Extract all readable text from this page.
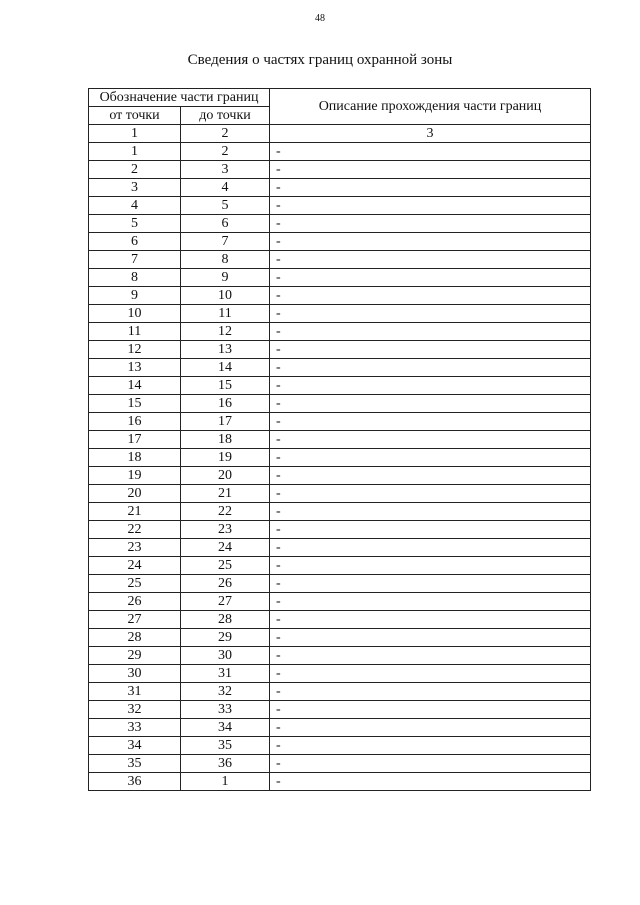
48
Сведения о частях границ охранной зоны
Обозначение части границ		Описание прохождения части границ
от точки	до точки	
1	2	3
1	2	-
2	3	-
3	4	-
4	5	-
5	6	-
6	7	-
7	8	-
8	9	-
9	10	-
10	11	-
11	12	-
12	13	-
13	14	-
14	15	-
15	16	-
16	17	-
17	18	-
18	19	-
19	20	-
20	21	-
21	22	-
22	23	-
23	24	-
24	25	-
25	26	-
26	27	-
27	28	-
28	29	-
29	30	-
30	31	-
31	32	-
32	33	-
33	34	-
34	35	-
35	36	-
36	1	-
